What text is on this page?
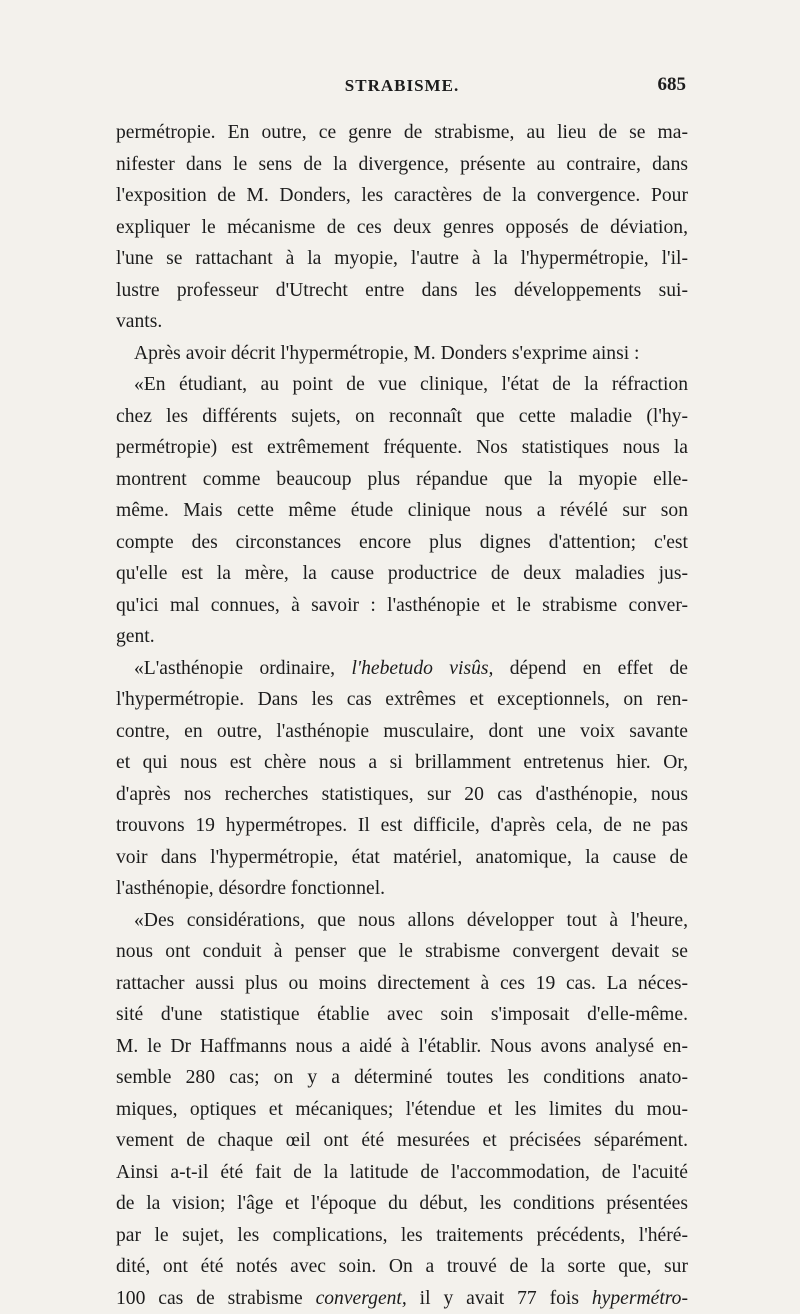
STRABISME.	685
permétropie. En outre, ce genre de strabisme, au lieu de se ma-
nifester dans le sens de la divergence, présente au contraire, dans
l'exposition de M. Donders, les caractères de la convergence. Pour
expliquer le mécanisme de ces deux genres opposés de déviation,
l'une se rattachant à la myopie, l'autre à la l'hypermétropie, l'il-
lustre professeur d'Utrecht entre dans les développements sui-
vants.
Après avoir décrit l'hypermétropie, M. Donders s'exprime ainsi :
«En étudiant, au point de vue clinique, l'état de la réfraction
chez les différents sujets, on reconnaît que cette maladie (l'hy-
permétropie) est extrêmement fréquente. Nos statistiques nous la
montrent comme beaucoup plus répandue que la myopie elle-
même. Mais cette même étude clinique nous a révélé sur son
compte des circonstances encore plus dignes d'attention; c'est
qu'elle est la mère, la cause productrice de deux maladies jus-
qu'ici mal connues, à savoir : l'asthénopie et le strabisme conver-
gent.
«L'asthénopie ordinaire, l'hebetudo visûs, dépend en effet de
l'hypermétropie. Dans les cas extrêmes et exceptionnels, on ren-
contre, en outre, l'asthénopie musculaire, dont une voix savante
et qui nous est chère nous a si brillamment entretenus hier. Or,
d'après nos recherches statistiques, sur 20 cas d'asthénopie, nous
trouvons 19 hypermétropes. Il est difficile, d'après cela, de ne pas
voir dans l'hypermétropie, état matériel, anatomique, la cause de
l'asthénopie, désordre fonctionnel.
«Des considérations, que nous allons développer tout à l'heure,
nous ont conduit à penser que le strabisme convergent devait se
rattacher aussi plus ou moins directement à ces 19 cas. La néces-
sité d'une statistique établie avec soin s'imposait d'elle-même.
M. le Dr Haffmanns nous a aidé à l'établir. Nous avons analysé en-
semble 280 cas; on y a déterminé toutes les conditions anato-
miques, optiques et mécaniques; l'étendue et les limites du mou-
vement de chaque œil ont été mesurées et précisées séparément.
Ainsi a-t-il été fait de la latitude de l'accommodation, de l'acuité
de la vision; l'âge et l'époque du début, les conditions présentées
par le sujet, les complications, les traitements précédents, l'héré-
dité, ont été notés avec soin. On a trouvé de la sorte que, sur
100 cas de strabisme convergent, il y avait 77 fois hypermétro-
